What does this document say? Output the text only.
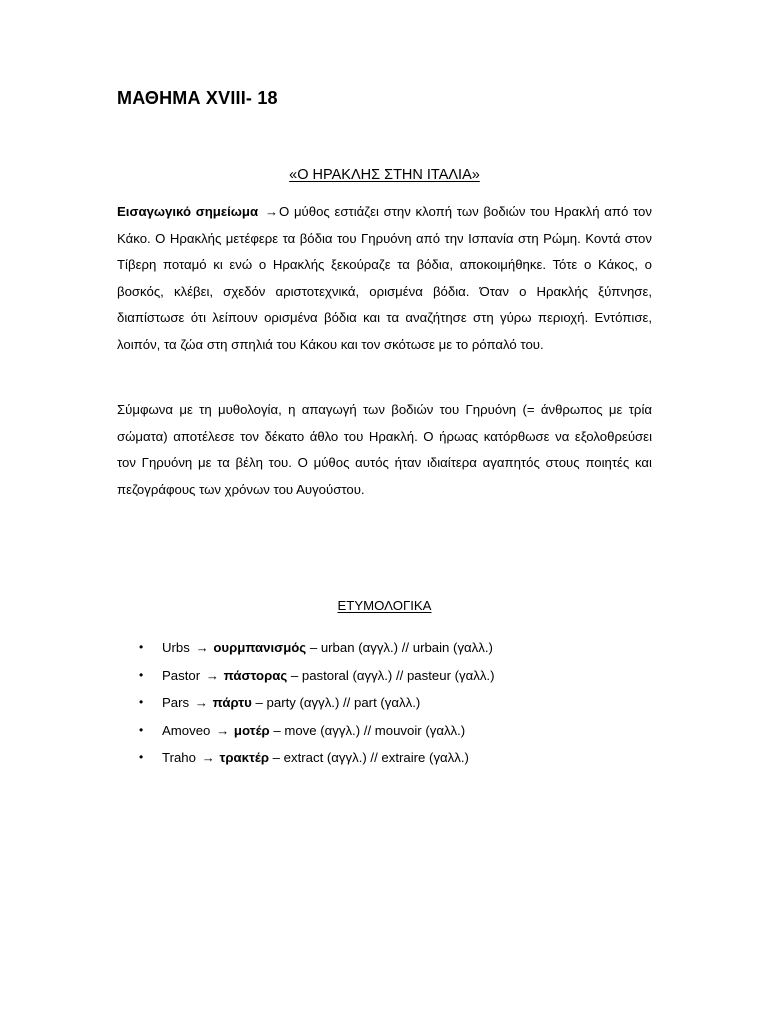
ΜΑΘΗΜΑ XVIII- 18
«Ο ΗΡΑΚΛΗΣ ΣΤΗΝ ΙΤΑΛΙΑ»
Εισαγωγικό σημείωμα →Ο μύθος εστιάζει στην κλοπή των βοδιών του Ηρακλή από τον Κάκο. Ο Ηρακλής μετέφερε τα βόδια του Γηρυόνη από την Ισπανία στη Ρώμη. Κοντά στον Τίβερη ποταμό κι ενώ ο Ηρακλής ξεκούραζε τα βόδια, αποκοιμήθηκε. Τότε ο Κάκος, ο βοσκός, κλέβει, σχεδόν αριστοτεχνικά, ορισμένα βόδια. Όταν ο Ηρακλής ξύπνησε, διαπίστωσε ότι λείπουν ορισμένα βόδια και τα αναζήτησε στη γύρω περιοχή. Εντόπισε, λοιπόν, τα ζώα στη σπηλιά του Κάκου και τον σκότωσε με το ρόπαλό του.
Σύμφωνα με τη μυθολογία, η απαγωγή των βοδιών του Γηρυόνη (= άνθρωπος με τρία σώματα) αποτέλεσε τον δέκατο άθλο του Ηρακλή. Ο ήρωας κατόρθωσε να εξολοθρεύσει τον Γηρυόνη με τα βέλη του. Ο μύθος αυτός ήταν ιδιαίτερα αγαπητός στους ποιητές και πεζογράφους των χρόνων του Αυγούστου.
ΕΤΥΜΟΛΟΓΙΚΑ
• Urbs → ουρμπανισμός – urban (αγγλ.) // urbain (γαλλ.)
• Pastor → πάστορας – pastoral (αγγλ.) // pasteur (γαλλ.)
• Pars → πάρτυ – party (αγγλ.) // part (γαλλ.)
• Amoveo → μοτέρ – move (αγγλ.) // mouvoir (γαλλ.)
• Traho → τρακτέρ – extract (αγγλ.) // extraire (γαλλ.)
